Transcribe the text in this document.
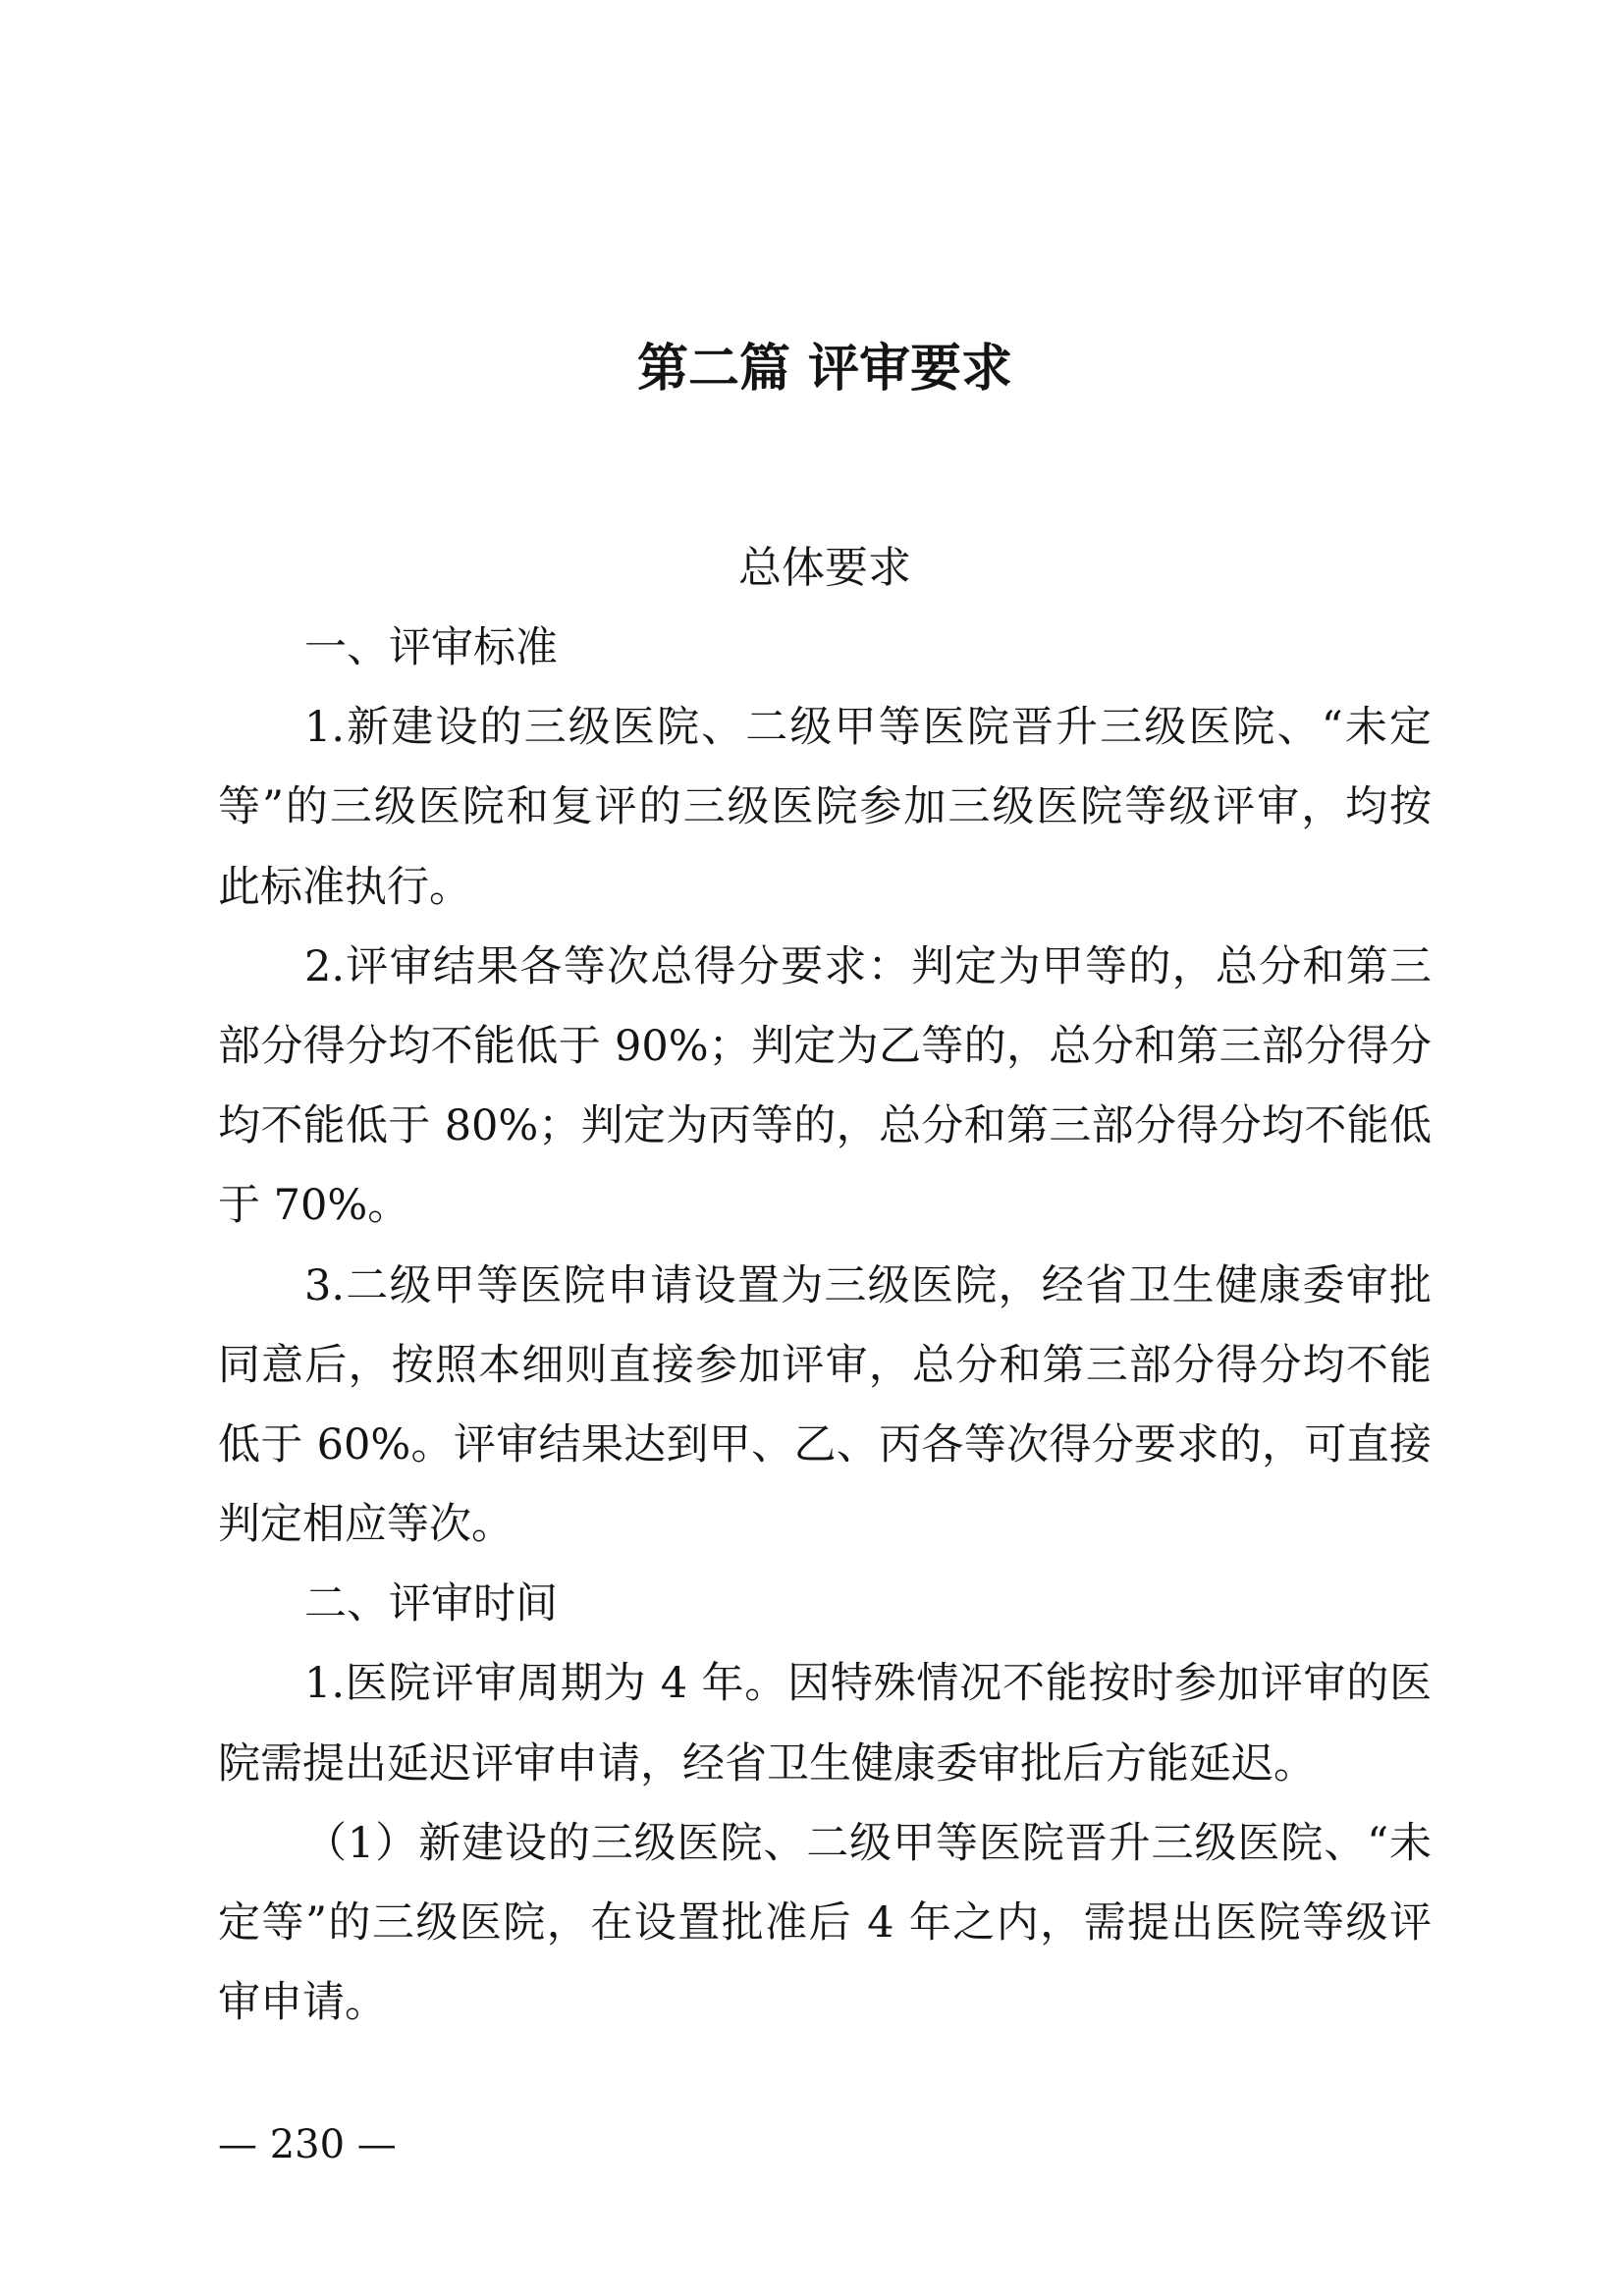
第二篇 评审要求
总体要求
一、评审标准
1.新建设的三级医院、二级甲等医院晋升三级医院、“未定
等”的三级医院和复评的三级医院参加三级医院等级评审，均按
此标准执行。
2.评审结果各等次总得分要求：判定为甲等的，总分和第三
部分得分均不能低于 90%；判定为乙等的，总分和第三部分得分
均不能低于 80%；判定为丙等的，总分和第三部分得分均不能低
于 70%。
3.二级甲等医院申请设置为三级医院，经省卫生健康委审批
同意后，按照本细则直接参加评审，总分和第三部分得分均不能
低于 60%。评审结果达到甲、乙、丙各等次得分要求的，可直接
判定相应等次。
二、评审时间
1.医院评审周期为 4 年。因特殊情况不能按时参加评审的医
院需提出延迟评审申请，经省卫生健康委审批后方能延迟。
（1）新建设的三级医院、二级甲等医院晋升三级医院、“未
定等”的三级医院，在设置批准后 4 年之内，需提出医院等级评
审申请。
— 230 —
